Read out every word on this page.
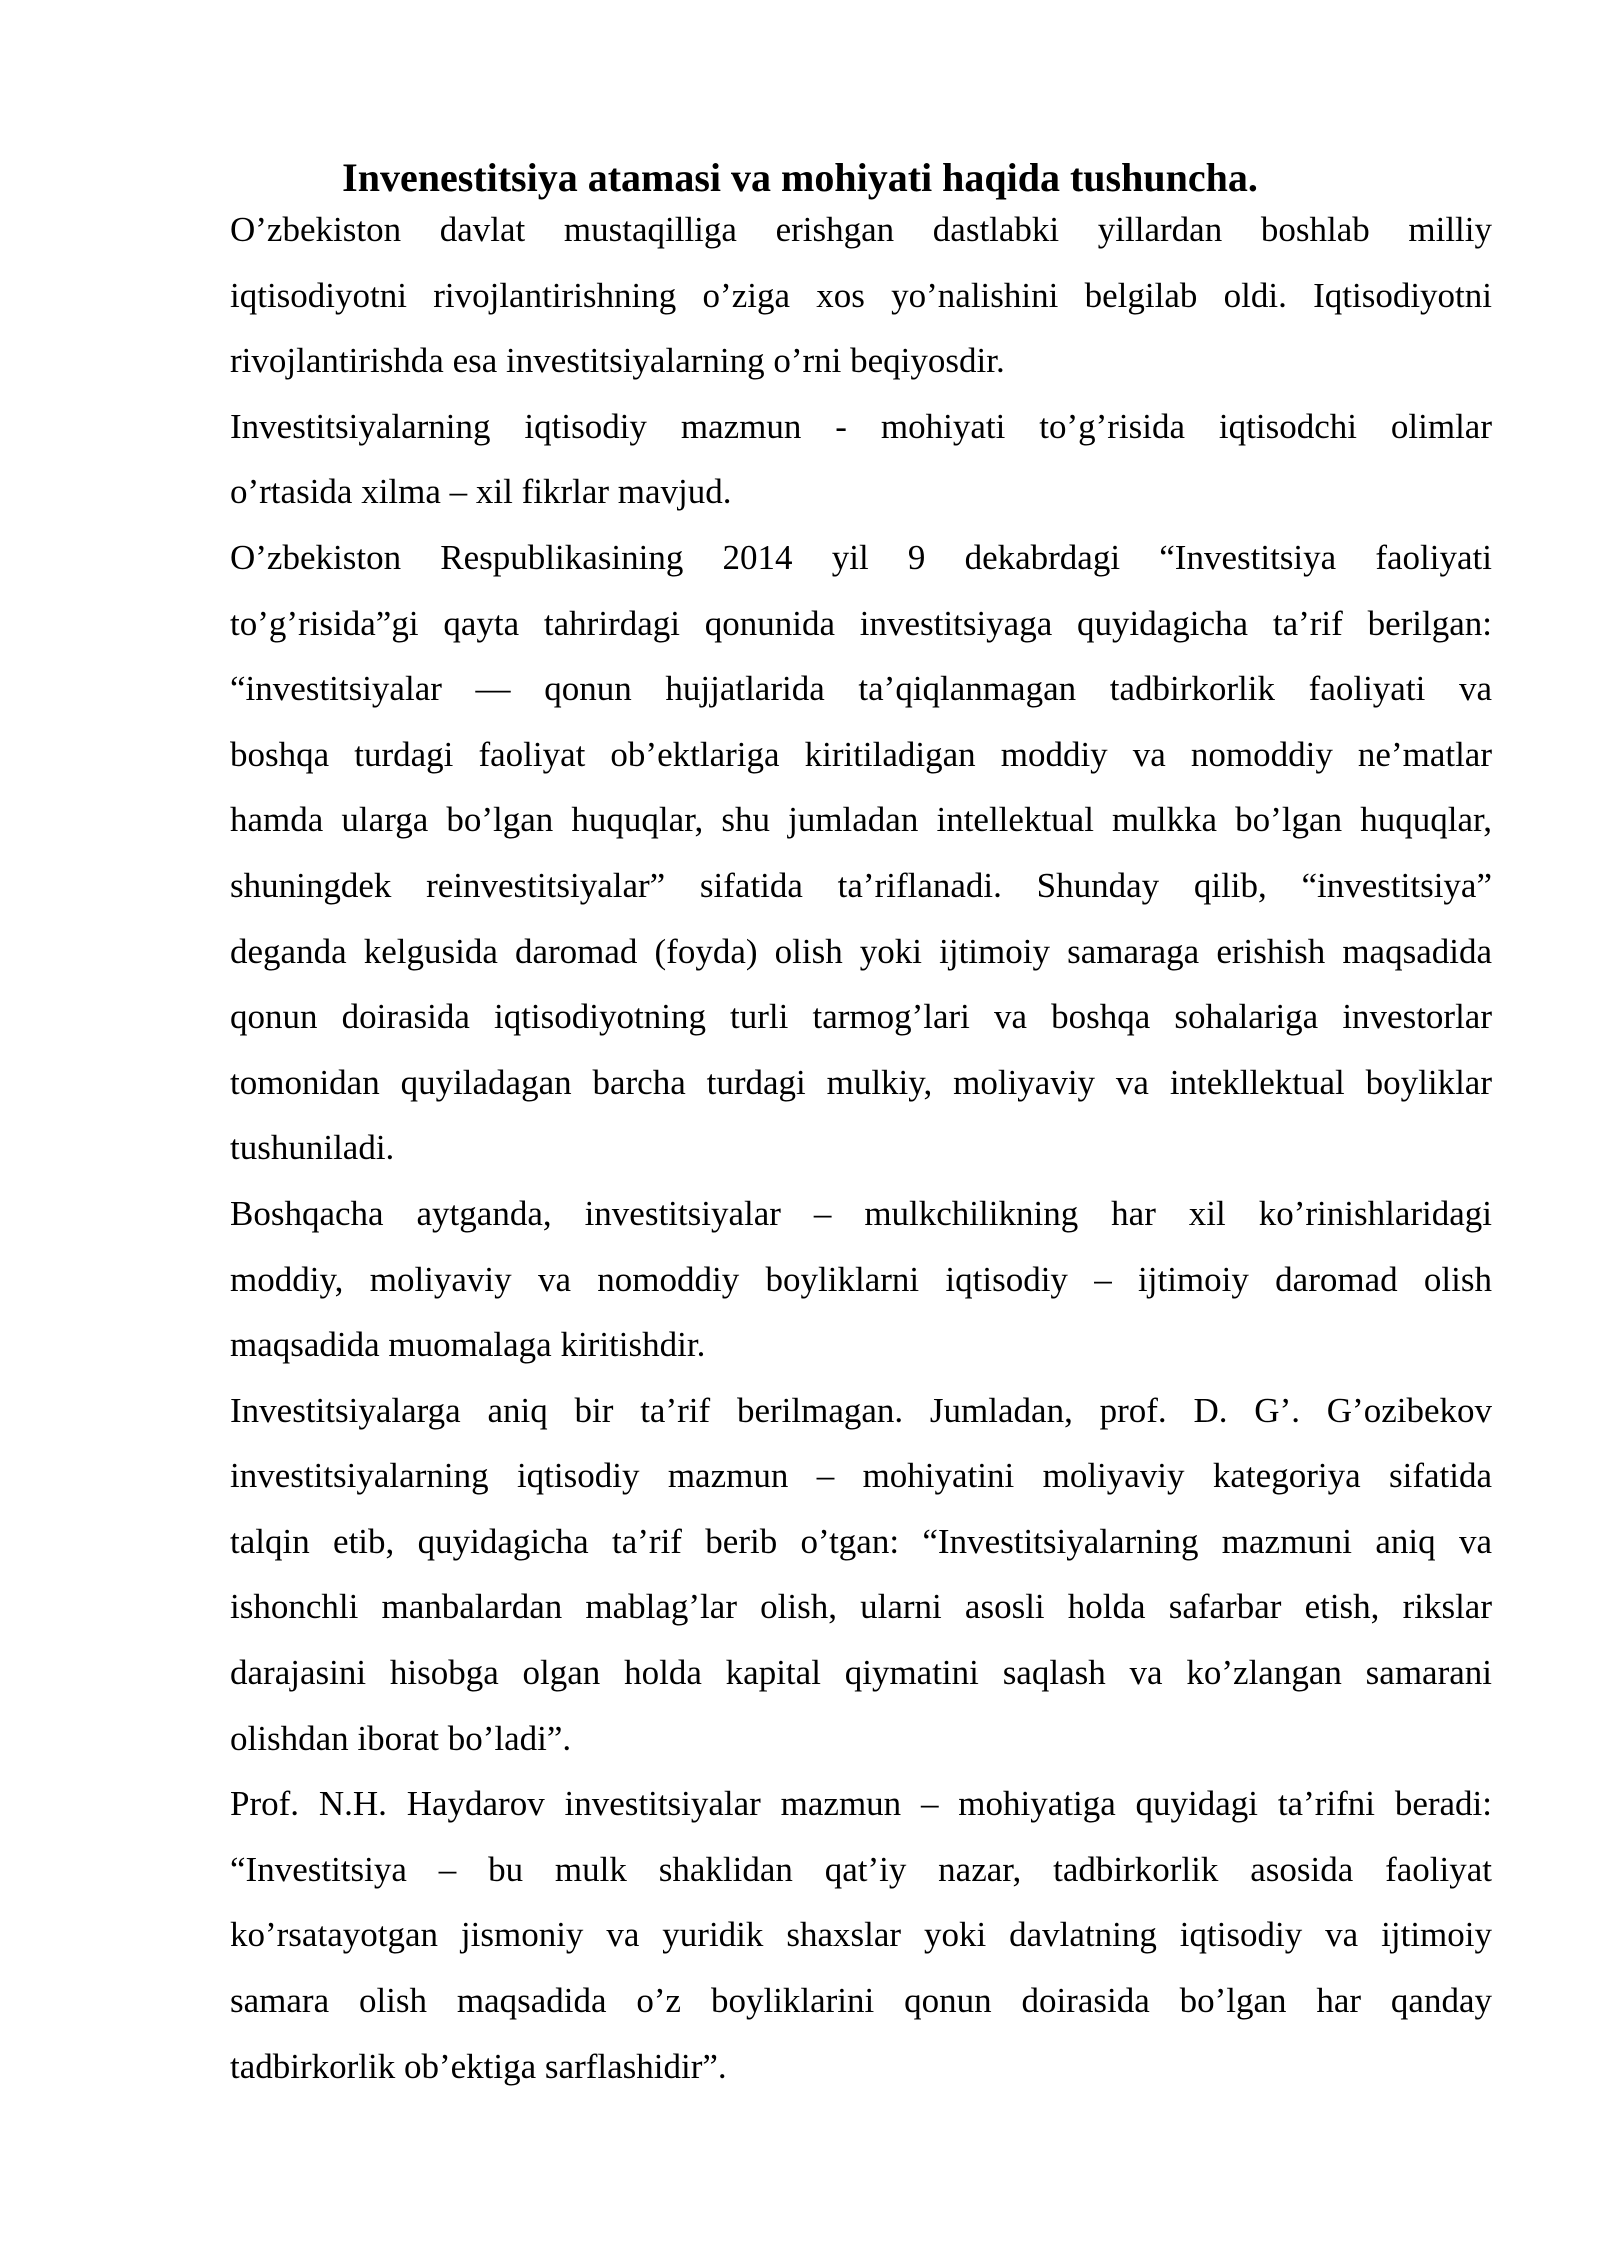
Invenestitsiya atamasi va mohiyati haqida tushuncha.

O’zbekiston davlat mustaqilliga erishgan dastlabki yillardan boshlab milliy
iqtisodiyotni rivojlantirishning o’ziga xos yo’nalishini belgilab oldi. Iqtisodiyotni
rivojlantirishda esa investitsiyalarning o’rni beqiyosdir.

Investitsiyalarning iqtisodiy mazmun - mohiyati to’g’risida iqtisodchi olimlar
o’rtasida xilma – xil fikrlar mavjud.

O’zbekiston Respublikasining 2014 yil 9 dekabrdagi “Investitsiya faoliyati
to’g’risida”gi qayta tahrirdagi qonunida investitsiyaga quyidagicha ta’rif berilgan:
“investitsiyalar — qonun hujjatlarida ta’qiqlanmagan tadbirkorlik faoliyati va
boshqa turdagi faoliyat ob’ektlariga kiritiladigan moddiy va nomoddiy ne’matlar
hamda ularga bo’lgan huquqlar, shu jumladan intellektual mulkka bo’lgan huquqlar,
shuningdek reinvestitsiyalar” sifatida ta’riflanadi. Shunday qilib, “investitsiya”
deganda kelgusida daromad (foyda) olish yoki ijtimoiy samaraga erishish maqsadida
qonun doirasida iqtisodiyotning turli tarmog’lari va boshqa sohalariga investorlar
tomonidan quyiladagan barcha turdagi mulkiy, moliyaviy va intekllektual boyliklar
tushuniladi.

Boshqacha aytganda, investitsiyalar – mulkchilikning har xil ko’rinishlaridagi
moddiy, moliyaviy va nomoddiy boyliklarni iqtisodiy – ijtimoiy daromad olish
maqsadida muomalaga kiritishdir.

Investitsiyalarga aniq bir ta’rif berilmagan. Jumladan, prof. D. G’. G’ozibekov
investitsiyalarning iqtisodiy mazmun – mohiyatini moliyaviy kategoriya sifatida
talqin etib, quyidagicha ta’rif berib o’tgan: “Investitsiyalarning mazmuni aniq va
ishonchli manbalardan mablag’lar olish, ularni asosli holda safarbar etish, rikslar
darajasini hisobga olgan holda kapital qiymatini saqlash va ko’zlangan samarani
olishdan iborat bo’ladi”.

Prof. N.H. Haydarov investitsiyalar mazmun – mohiyatiga quyidagi ta’rifni beradi:
“Investitsiya – bu mulk shaklidan qat’iy nazar, tadbirkorlik asosida faoliyat
ko’rsatayotgan jismoniy va yuridik shaxslar yoki davlatning iqtisodiy va ijtimoiy
samara olish maqsadida o’z boyliklarini qonun doirasida bo’lgan har qanday
tadbirkorlik ob’ektiga sarflashidir”.
